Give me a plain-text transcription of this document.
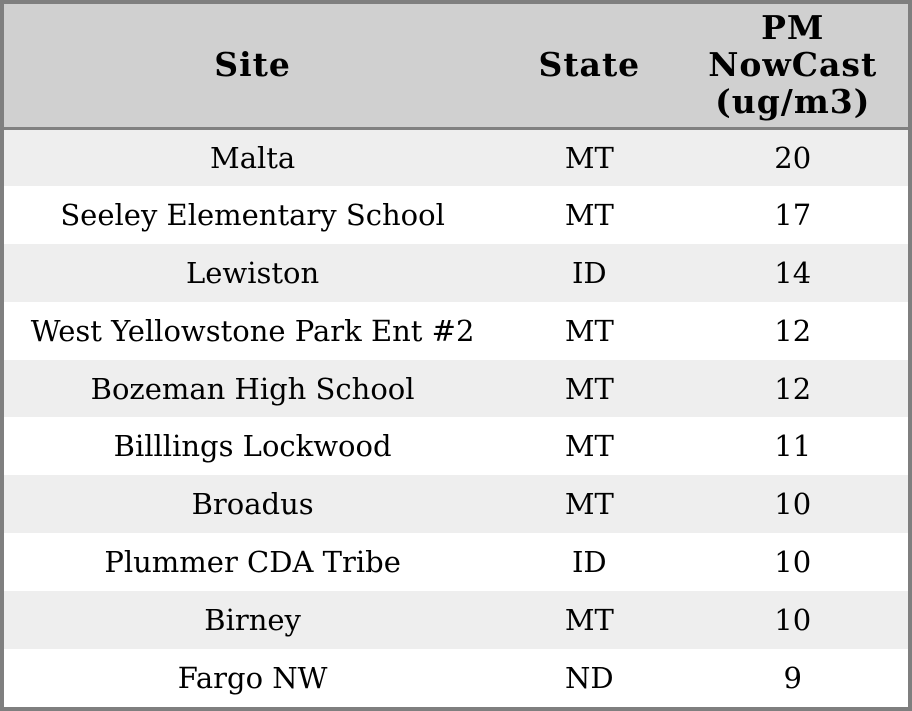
Site	State	PM NowCast (ug/m3)
Malta	MT	20
Seeley Elementary School	MT	17
Lewiston	ID	14
West Yellowstone Park Ent #2	MT	12
Bozeman High School	MT	12
Billlings Lockwood	MT	11
Broadus	MT	10
Plummer CDA Tribe	ID	10
Birney	MT	10
Fargo NW	ND	9
